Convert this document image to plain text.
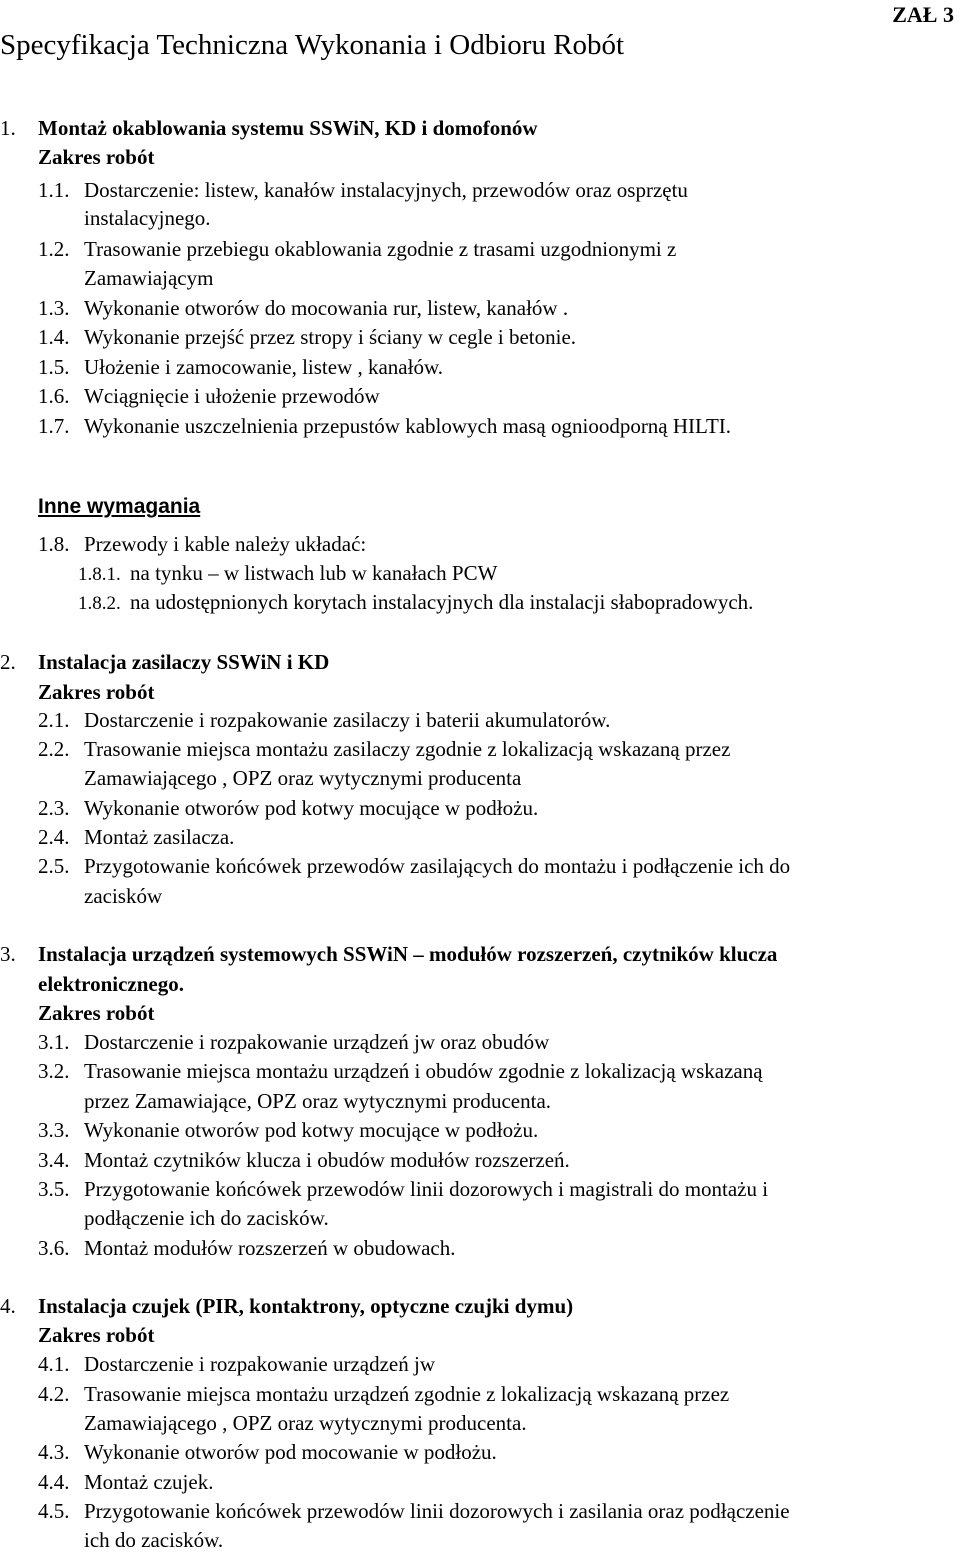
ZAŁ 3
Specyfikacja Techniczna Wykonania i Odbioru Robót
1. Montaż okablowania systemu SSWiN, KD i domofonów
Zakres robót
1.1. Dostarczenie: listew, kanałów instalacyjnych, przewodów oraz osprzętu
instalacyjnego.
1.2. Trasowanie przebiegu okablowania zgodnie z trasami uzgodnionymi z
Zamawiającym
1.3. Wykonanie otworów do mocowania rur, listew, kanałów .
1.4. Wykonanie przejść przez stropy i ściany w cegle i betonie.
1.5. Ułożenie i zamocowanie, listew , kanałów.
1.6. Wciągnięcie i ułożenie przewodów
1.7. Wykonanie uszczelnienia przepustów kablowych masą ognioodporną HILTI.
Inne wymagania
1.8. Przewody i kable należy układać:
1.8.1. na tynku – w listwach lub w kanałach PCW
1.8.2. na udostępnionych korytach instalacyjnych dla instalacji słabopradowych.
2. Instalacja zasilaczy SSWiN i KD
Zakres robót
2.1. Dostarczenie i rozpakowanie zasilaczy i baterii akumulatorów.
2.2. Trasowanie miejsca montażu zasilaczy zgodnie z lokalizacją wskazaną przez
Zamawiającego , OPZ oraz wytycznymi producenta
2.3. Wykonanie otworów pod kotwy mocujące w podłożu.
2.4. Montaż zasilacza.
2.5. Przygotowanie końcówek przewodów zasilających do montażu i podłączenie ich do
zacisków
3. Instalacja urządzeń systemowych SSWiN – modułów rozszerzeń, czytników klucza
elektronicznego.
Zakres robót
3.1. Dostarczenie i rozpakowanie urządzeń jw oraz obudów
3.2. Trasowanie miejsca montażu urządzeń i obudów zgodnie z lokalizacją wskazaną
przez Zamawiające, OPZ oraz wytycznymi producenta.
3.3. Wykonanie otworów pod kotwy mocujące w podłożu.
3.4. Montaż czytników klucza i obudów modułów rozszerzeń.
3.5. Przygotowanie końcówek przewodów linii dozorowych i magistrali do montażu i
podłączenie ich do zacisków.
3.6. Montaż modułów rozszerzeń w obudowach.
4. Instalacja czujek (PIR, kontaktrony, optyczne czujki dymu)
Zakres robót
4.1. Dostarczenie i rozpakowanie urządzeń jw
4.2. Trasowanie miejsca montażu urządzeń zgodnie z lokalizacją wskazaną przez
Zamawiającego , OPZ oraz wytycznymi producenta.
4.3. Wykonanie otworów pod mocowanie w podłożu.
4.4. Montaż czujek.
4.5. Przygotowanie końcówek przewodów linii dozorowych i zasilania oraz podłączenie
ich do zacisków.
